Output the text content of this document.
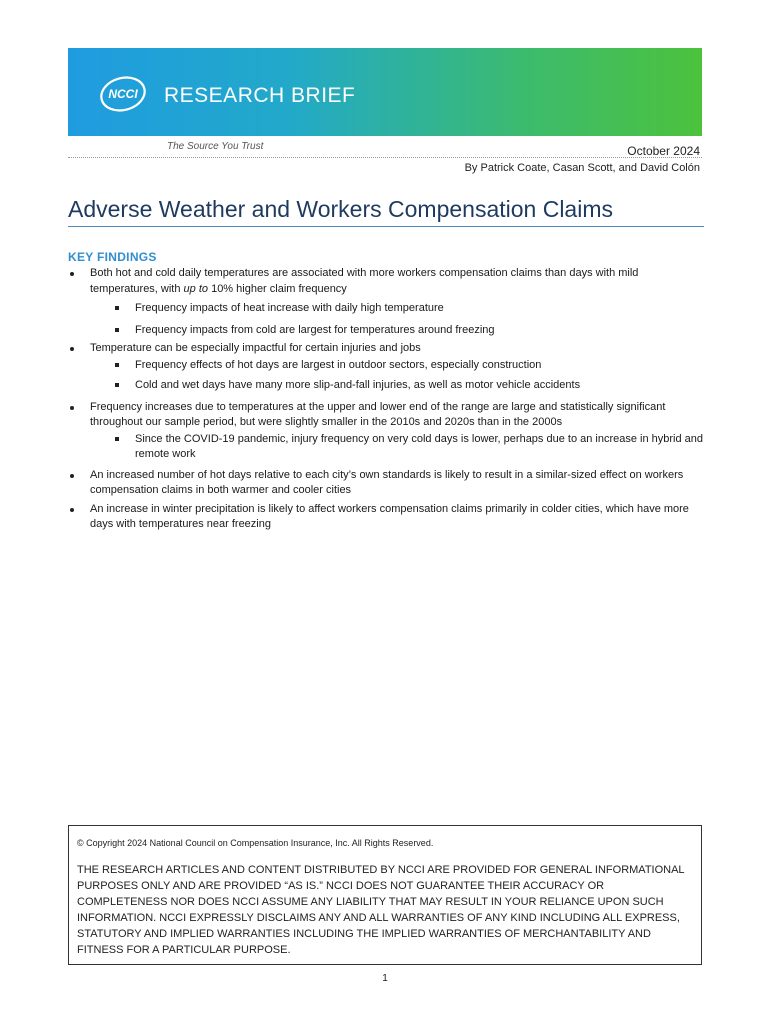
NCCI RESEARCH BRIEF
The Source You Trust	October 2024
By Patrick Coate, Casan Scott, and David Colón
Adverse Weather and Workers Compensation Claims
KEY FINDINGS
Both hot and cold daily temperatures are associated with more workers compensation claims than days with mild temperatures, with up to 10% higher claim frequency
Frequency impacts of heat increase with daily high temperature
Frequency impacts from cold are largest for temperatures around freezing
Temperature can be especially impactful for certain injuries and jobs
Frequency effects of hot days are largest in outdoor sectors, especially construction
Cold and wet days have many more slip-and-fall injuries, as well as motor vehicle accidents
Frequency increases due to temperatures at the upper and lower end of the range are large and statistically significant throughout our sample period, but were slightly smaller in the 2010s and 2020s than in the 2000s
Since the COVID-19 pandemic, injury frequency on very cold days is lower, perhaps due to an increase in hybrid and remote work
An increased number of hot days relative to each city’s own standards is likely to result in a similar-sized effect on workers compensation claims in both warmer and cooler cities
An increase in winter precipitation is likely to affect workers compensation claims primarily in colder cities, which have more days with temperatures near freezing
© Copyright 2024 National Council on Compensation Insurance, Inc. All Rights Reserved.
THE RESEARCH ARTICLES AND CONTENT DISTRIBUTED BY NCCI ARE PROVIDED FOR GENERAL INFORMATIONAL PURPOSES ONLY AND ARE PROVIDED “AS IS.” NCCI DOES NOT GUARANTEE THEIR ACCURACY OR COMPLETENESS NOR DOES NCCI ASSUME ANY LIABILITY THAT MAY RESULT IN YOUR RELIANCE UPON SUCH INFORMATION. NCCI EXPRESSLY DISCLAIMS ANY AND ALL WARRANTIES OF ANY KIND INCLUDING ALL EXPRESS, STATUTORY AND IMPLIED WARRANTIES INCLUDING THE IMPLIED WARRANTIES OF MERCHANTABILITY AND FITNESS FOR A PARTICULAR PURPOSE.
1
